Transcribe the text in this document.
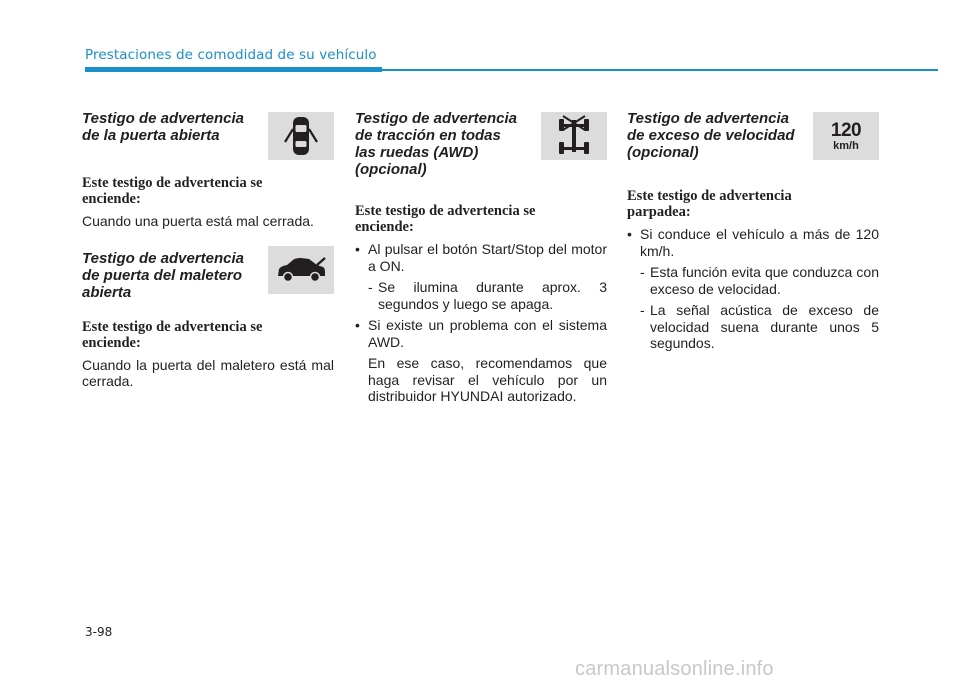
Prestaciones de comodidad de su vehículo
Testigo de advertencia
de la puerta abierta
Este testigo de advertencia se
enciende:

Cuando una puerta está mal cerrada.

Testigo de advertencia
de puerta del maletero
abierta
Este testigo de advertencia se
enciende:

Cuando la puerta del maletero está mal cerrada.

Testigo de advertencia
de tracción en todas
las ruedas (AWD)
(opcional)
Este testigo de advertencia se
enciende:
• Al pulsar el botón Start/Stop del motor a ON.
- Se ilumina durante aprox. 3 segundos y luego se apaga.
• Si existe un problema con el sistema AWD.

En ese caso, recomendamos que haga revisar el vehículo por un distribuidor HYUNDAI autorizado.

Testigo de advertencia
de exceso de velocidad
(opcional)
120
km/h
Este testigo de advertencia
parpadea:
• Si conduce el vehículo a más de 120 km/h.
- Esta función evita que conduzca con exceso de velocidad.
- La señal acústica de exceso de velocidad suena durante unos 5 segundos.
3-98
carmanualsonline.info
